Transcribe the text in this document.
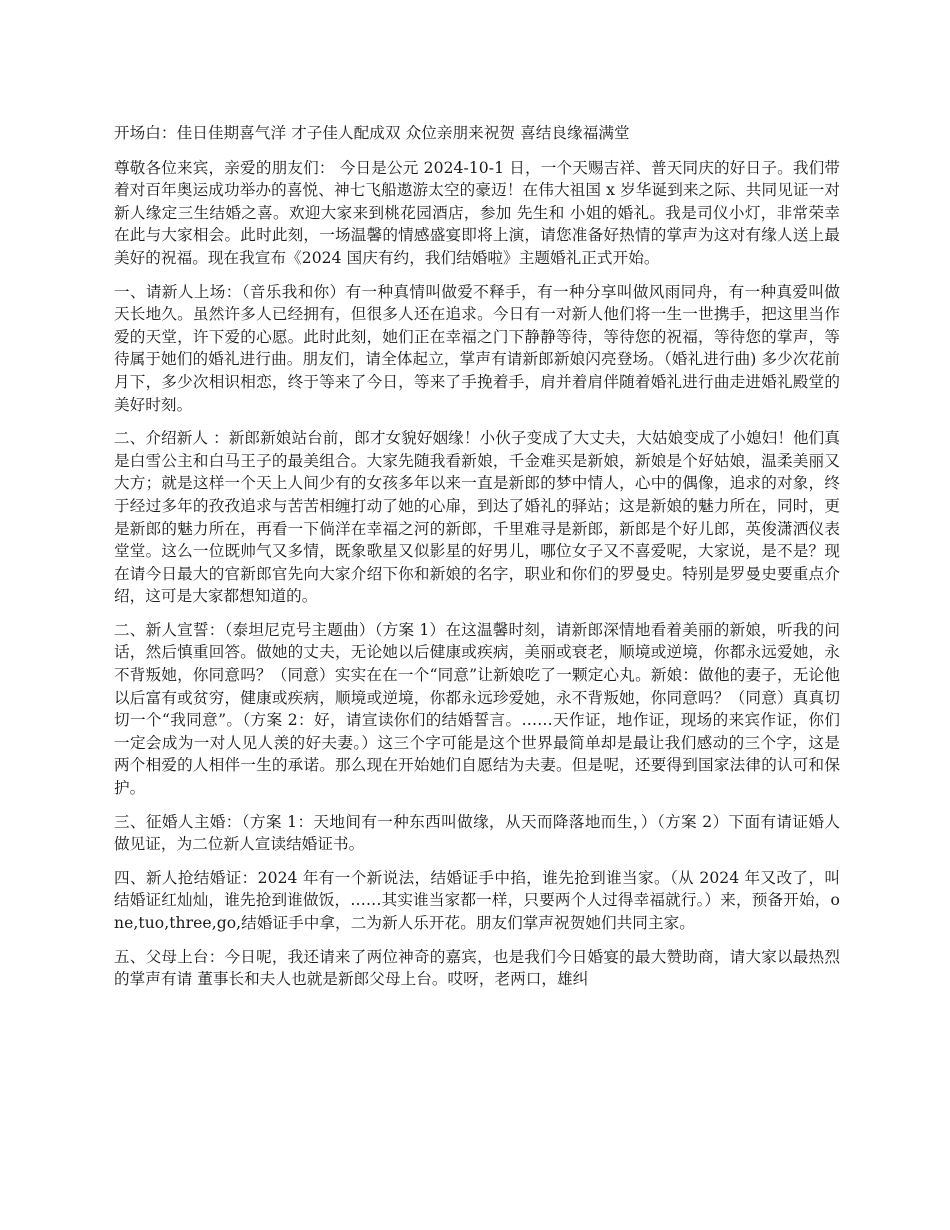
开场白：佳日佳期喜气洋 才子佳人配成双 众位亲朋来祝贺 喜结良缘福满堂

尊敬各位来宾，亲爱的朋友们： 今日是公元 2024-10-1 日，一个天赐吉祥、普天同庆的好日子。我们带着对百年奥运成功举办的喜悦、神七飞船遨游太空的豪迈！在伟大祖国 x 岁华诞到来之际、共同见证一对新人缘定三生结婚之喜。欢迎大家来到桃花园酒店，参加 先生和 小姐的婚礼。我是司仪小灯，非常荣幸在此与大家相会。此时此刻，一场温馨的情感盛宴即将上演，请您准备好热情的掌声为这对有缘人送上最美好的祝福。现在我宣布《2024 国庆有约，我们结婚啦》主题婚礼正式开始。

一、请新人上场：（音乐我和你）有一种真情叫做爱不释手，有一种分享叫做风雨同舟，有一种真爱叫做天长地久。虽然许多人已经拥有，但很多人还在追求。今日有一对新人他们将一生一世携手，把这里当作爱的天堂，许下爱的心愿。此时此刻，她们正在幸福之门下静静等待，等待您的祝福，等待您的掌声，等待属于她们的婚礼进行曲。朋友们，请全体起立，掌声有请新郎新娘闪亮登场。（婚礼进行曲) 多少次花前月下，多少次相识相恋，终于等来了今日，等来了手挽着手，肩并着肩伴随着婚礼进行曲走进婚礼殿堂的美好时刻。

二、介绍新人 ：新郎新娘站台前，郎才女貌好姻缘！小伙子变成了大丈夫，大姑娘变成了小媳妇！他们真是白雪公主和白马王子的最美组合。大家先随我看新娘，千金难买是新娘，新娘是个好姑娘，温柔美丽又大方；就是这样一个天上人间少有的女孩多年以来一直是新郎的梦中情人，心中的偶像，追求的对象，终于经过多年的孜孜追求与苦苦相缠打动了她的心扉，到达了婚礼的驿站；这是新娘的魅力所在，同时，更是新郎的魅力所在，再看一下倘洋在幸福之河的新郎，千里难寻是新郎，新郎是个好儿郎，英俊潇洒仪表堂堂。这么一位既帅气又多情，既象歌星又似影星的好男儿，哪位女子又不喜爱呢，大家说，是不是？现在请今日最大的官新郎官先向大家介绍下你和新娘的名字，职业和你们的罗曼史。特别是罗曼史要重点介绍，这可是大家都想知道的。

二、新人宣誓：（泰坦尼克号主题曲）（方案 1）在这温馨时刻，请新郎深情地看着美丽的新娘，听我的问话，然后慎重回答。做她的丈夫，无论她以后健康或疾病，美丽或衰老，顺境或逆境，你都永远爱她，永不背叛她，你同意吗？（同意）实实在在一个“同意”让新娘吃了一颗定心丸。新娘：做他的妻子，无论他以后富有或贫穷，健康或疾病，顺境或逆境，你都永远珍爱她，永不背叛她，你同意吗？（同意）真真切切一个“我同意”。（方案 2：好，请宣读你们的结婚誓言。……天作证，地作证，现场的来宾作证，你们一定会成为一对人见人羡的好夫妻。）这三个字可能是这个世界最简单却是最让我们感动的三个字，这是两个相爱的人相伴一生的承诺。那么现在开始她们自愿结为夫妻。但是呢，还要得到国家法律的认可和保护。

三、征婚人主婚：（方案 1：天地间有一种东西叫做缘，从天而降落地而生，）（方案 2）下面有请证婚人做见证，为二位新人宣读结婚证书。

四、新人抢结婚证：2024 年有一个新说法，结婚证手中掐，谁先抢到谁当家。（从 2024 年又改了，叫结婚证红灿灿，谁先抢到谁做饭，……其实谁当家都一样，只要两个人过得幸福就行。）来，预备开始，one,tuo,three,go,结婚证手中拿，二为新人乐开花。朋友们掌声祝贺她们共同主家。

五、父母上台：今日呢，我还请来了两位神奇的嘉宾，也是我们今日婚宴的最大赞助商，请大家以最热烈的掌声有请 董事长和夫人也就是新郎父母上台。哎呀，老两口，雄纠
